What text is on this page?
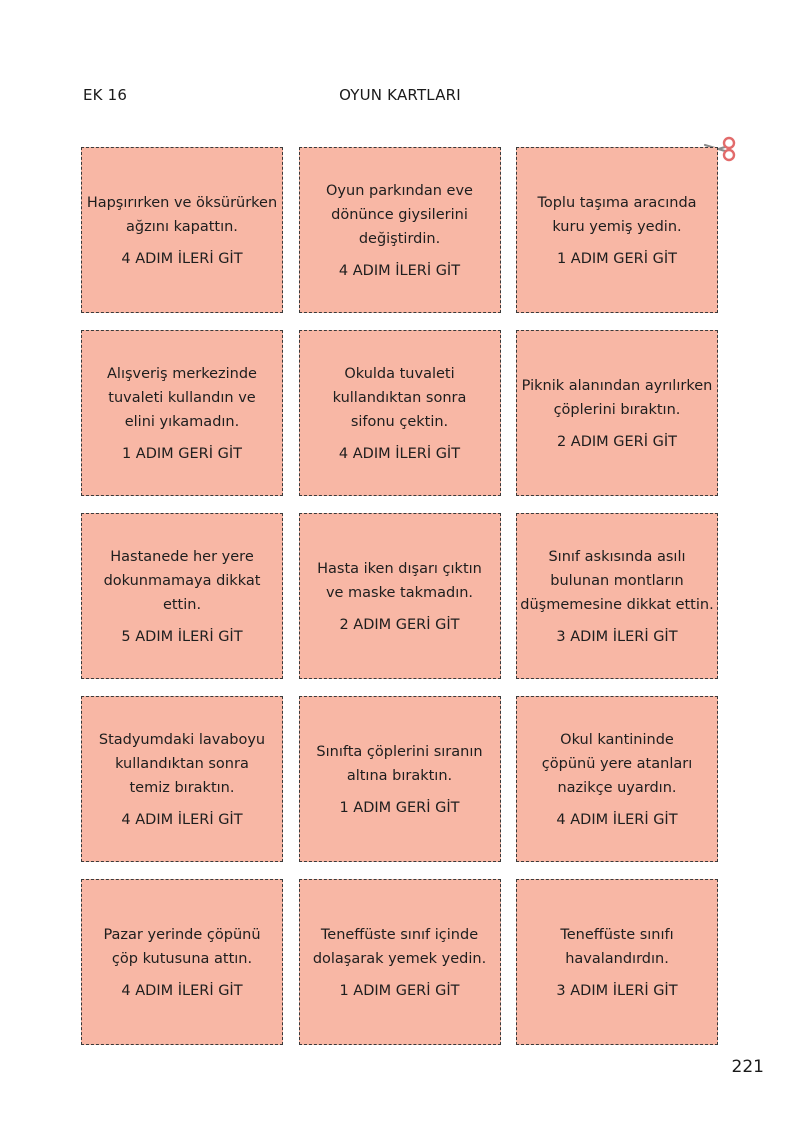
EK 16	OYUN KARTLARI
Hapşırırken ve öksürürken
ağzını kapattın.
4 ADIM İLERİ GİT
Oyun parkından eve
dönünce giysilerini
değiştirdin.
4 ADIM İLERİ GİT
Toplu taşıma aracında
kuru yemiş yedin.
1 ADIM GERİ GİT
Alışveriş merkezinde
tuvaleti kullandın ve
elini yıkamadın.
1 ADIM GERİ GİT
Okulda tuvaleti
kullandıktan sonra
sifonu çektin.
4 ADIM İLERİ GİT
Piknik alanından ayrılırken
çöplerini bıraktın.
2 ADIM GERİ GİT
Hastanede her yere
dokunmamaya dikkat ettin.
5 ADIM İLERİ GİT
Hasta iken dışarı çıktın
ve maske takmadın.
2 ADIM GERİ GİT
Sınıf askısında asılı
bulunan montların
düşmemesine dikkat ettin.
3 ADIM İLERİ GİT
Stadyumdaki lavaboyu
kullandıktan sonra
temiz bıraktın.
4 ADIM İLERİ GİT
Sınıfta çöplerini sıranın
altına bıraktın.
1 ADIM GERİ GİT
Okul kantininde
çöpünü yere atanları
nazikçe uyardın.
4 ADIM İLERİ GİT
Pazar yerinde çöpünü
çöp kutusuna attın.
4 ADIM İLERİ GİT
Teneffüste sınıf içinde
dolaşarak yemek yedin.
1 ADIM GERİ GİT
Teneffüste sınıfı
havalandırdın.
3 ADIM İLERİ GİT
221
